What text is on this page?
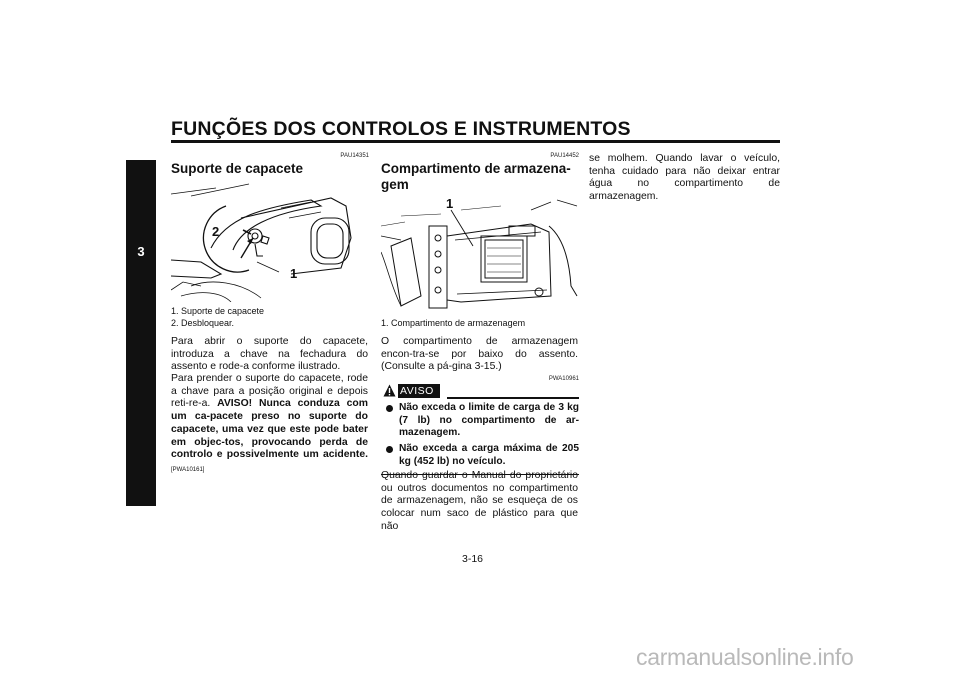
FUNÇÕES DOS CONTROLOS E INSTRUMENTOS
3
PAU14351
Suporte de capacete
2
1
1. Suporte de capacete
2. Desbloquear.
Para abrir o suporte do capacete, introduza a chave na fechadura do assento e rode-a conforme ilustrado.
Para prender o suporte do capacete, rode a chave para a posição original e depois reti-re-a. AVISO! Nunca conduza com um ca-pacete preso no suporte do capacete, uma vez que este pode bater em objec-tos, provocando perda de controlo e possivelmente um acidente. [PWA10161]
PAU14452
Compartimento de armazena-
gem
1
1. Compartimento de armazenagem
O compartimento de armazenagem encon-tra-se por baixo do assento. (Consulte a pá-gina 3-15.)
AVISO
PWA10961
Não exceda o limite de carga de 3 kg (7 lb) no compartimento de ar-mazenagem.
Não exceda a carga máxima de 205 kg (452 lb) no veículo.
Quando guardar o Manual do proprietário ou outros documentos no compartimento de armazenagem, não se esqueça de os colocar num saco de plástico para que não
se molhem. Quando lavar o veículo, tenha cuidado para não deixar entrar água no compartimento de armazenagem.
3-16
carmanualsonline.info
